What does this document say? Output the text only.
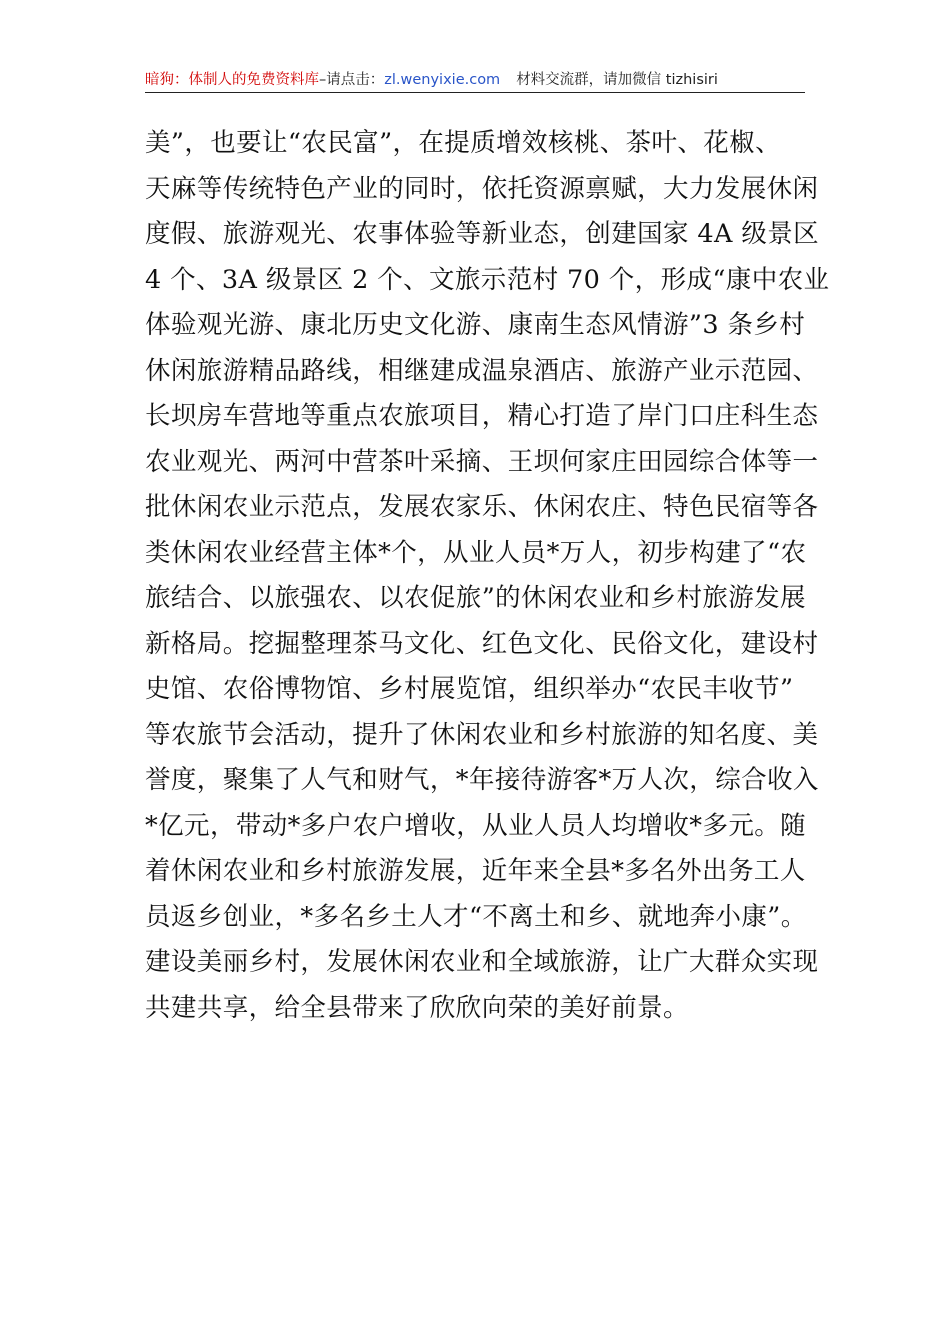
暗狗：体制人的免费资料库–请点击：zl.wenyixie.com 材料交流群，请加微信 tizhisiri
美”，也要让“农民富”，在提质增效核桃、茶叶、花椒、
天麻等传统特色产业的同时，依托资源禀赋，大力发展休闲
度假、旅游观光、农事体验等新业态，创建国家 4A 级景区
4 个、3A 级景区 2 个、文旅示范村 70 个，形成“康中农业
体验观光游、康北历史文化游、康南生态风情游”3 条乡村
休闲旅游精品路线，相继建成温泉酒店、旅游产业示范园、
长坝房车营地等重点农旅项目，精心打造了岸门口庄科生态
农业观光、两河中营茶叶采摘、王坝何家庄田园综合体等一
批休闲农业示范点，发展农家乐、休闲农庄、特色民宿等各
类休闲农业经营主体*个，从业人员*万人，初步构建了“农
旅结合、以旅强农、以农促旅”的休闲农业和乡村旅游发展
新格局。挖掘整理茶马文化、红色文化、民俗文化，建设村
史馆、农俗博物馆、乡村展览馆，组织举办“农民丰收节”
等农旅节会活动，提升了休闲农业和乡村旅游的知名度、美
誉度，聚集了人气和财气，*年接待游客*万人次，综合收入
*亿元，带动*多户农户增收，从业人员人均增收*多元。随
着休闲农业和乡村旅游发展，近年来全县*多名外出务工人
员返乡创业，*多名乡土人才“不离土和乡、就地奔小康”。
建设美丽乡村，发展休闲农业和全域旅游，让广大群众实现
共建共享，给全县带来了欣欣向荣的美好前景。
